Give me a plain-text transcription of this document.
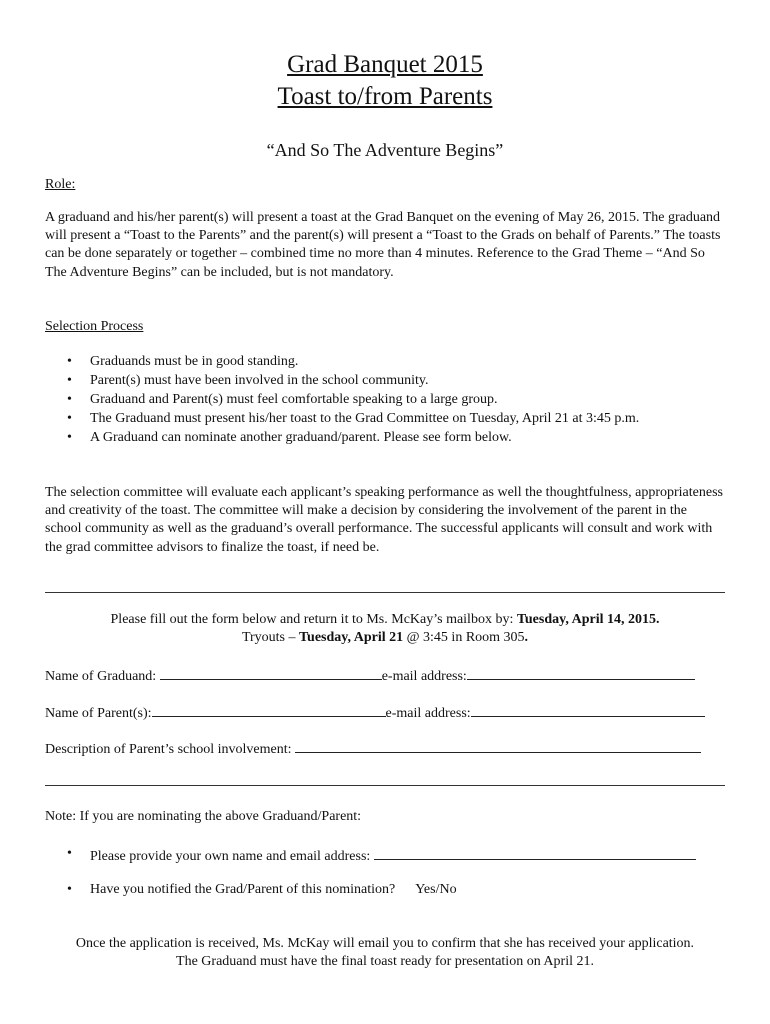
Grad Banquet 2015
Toast to/from Parents
“And So The Adventure Begins”
Role:
A graduand and his/her parent(s) will present a toast at the Grad Banquet on the evening of May 26, 2015. The graduand will present a “Toast to the Parents” and the parent(s) will present a “Toast to the Grads on behalf of Parents.” The toasts can be done separately or together – combined time no more than 4 minutes. Reference to the Grad Theme – “And So The Adventure Begins” can be included, but is not mandatory.
Selection Process
• Graduands must be in good standing.
• Parent(s) must have been involved in the school community.
• Graduand and Parent(s) must feel comfortable speaking to a large group.
• The Graduand must present his/her toast to the Grad Committee on Tuesday, April 21 at 3:45 p.m.
• A Graduand can nominate another graduand/parent. Please see form below.
The selection committee will evaluate each applicant’s speaking performance as well the thoughtfulness, appropriateness and creativity of the toast. The committee will make a decision by considering the involvement of the parent in the school community as well as the graduand’s overall performance. The successful applicants will consult and work with the grad committee advisors to finalize the toast, if need be.
Please fill out the form below and return it to Ms. McKay’s mailbox by: Tuesday, April 14, 2015.
Tryouts – Tuesday, April 21 @ 3:45 in Room 305.
Name of Graduand:	e-mail address:
Name of Parent(s):	e-mail address:
Description of Parent’s school involvement:
Note: If you are nominating the above Graduand/Parent:
• Please provide your own name and email address:
• Have you notified the Grad/Parent of this nomination? Yes/No
Once the application is received, Ms. McKay will email you to confirm that she has received your application.
The Graduand must have the final toast ready for presentation on April 21.
